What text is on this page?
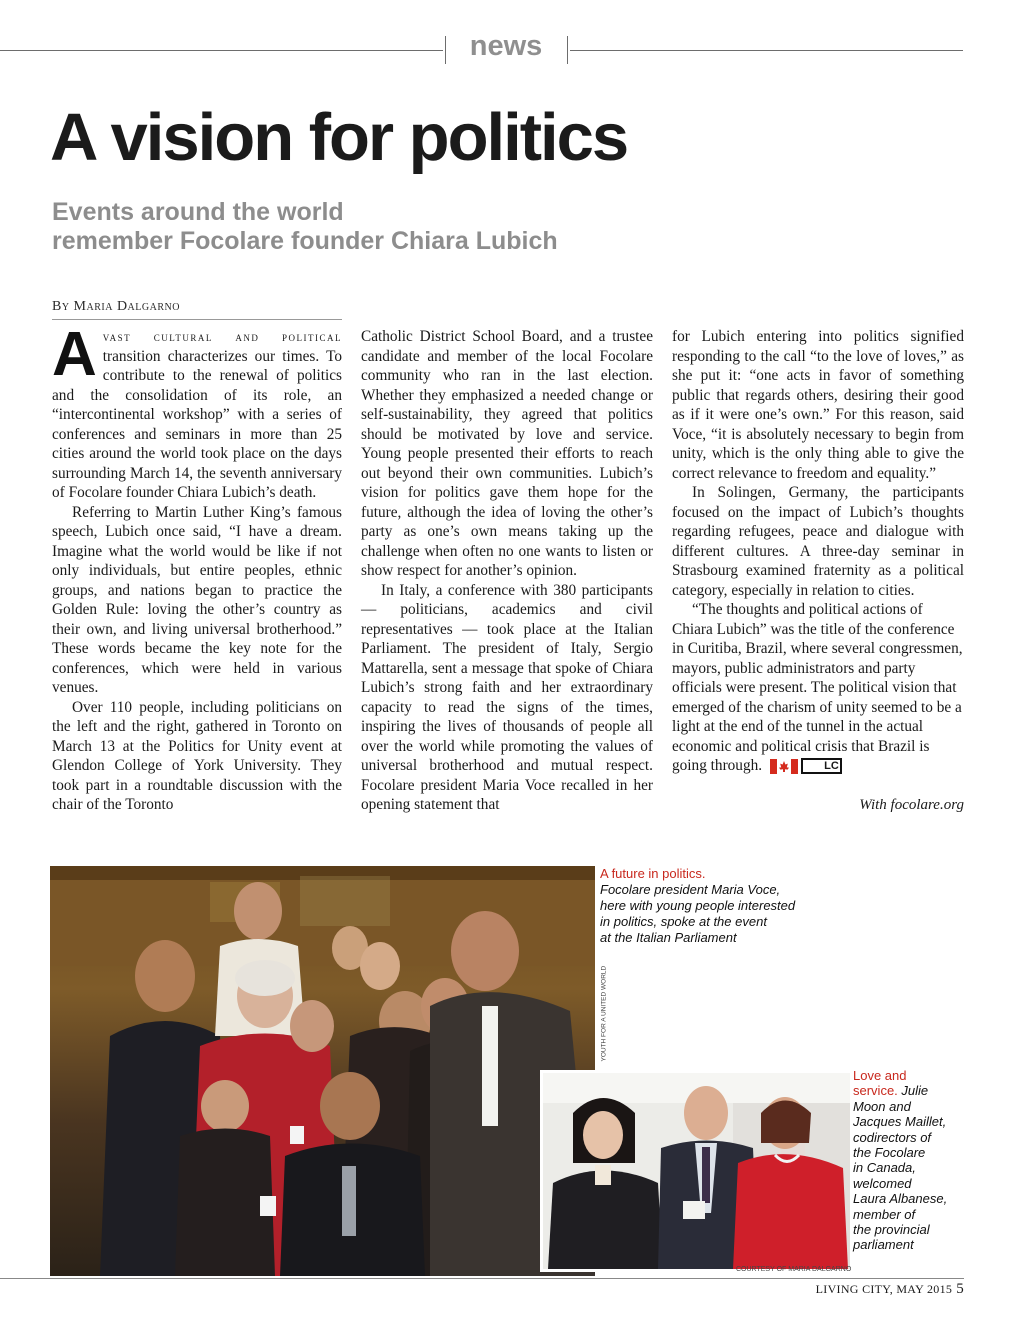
news
A vision for politics
Events around the world
remember Focolare founder Chiara Lubich
By Maria Dalgarno

Avast cultural and political transition characterizes our times. To contribute to the renewal of politics and the consolidation of its role, an “intercontinental workshop” with a series of conferences and seminars in more than 25 cities around the world took place on the days surrounding March 14, the seventh anniversary of Focolare founder Chiara Lubich’s death.

Referring to Martin Luther King’s famous speech, Lubich once said, “I have a dream. Imagine what the world would be like if not only individuals, but entire peoples, ethnic groups, and nations began to practice the Golden Rule: loving the other’s country as their own, and living universal brotherhood.” These words became the key note for the conferences, which were held in various venues.

Over 110 people, including politicians on the left and the right, gathered in Toronto on March 13 at the Politics for Unity event at Glendon College of York University. They took part in a roundtable discussion with the chair of the Toronto

Catholic District School Board, and a trustee candidate and member of the local Focolare community who ran in the last election. Whether they emphasized a needed change or self-sustainability, they agreed that politics should be motivated by love and service. Young people presented their efforts to reach out beyond their own communities. Lubich’s vision for politics gave them hope for the future, although the idea of loving the other’s party as one’s own means taking up the challenge when often no one wants to listen or show respect for another’s opinion.

In Italy, a conference with 380 participants — politicians, academics and civil representatives — took place at the Italian Parliament. The president of Italy, Sergio Mattarella, sent a message that spoke of Chiara Lubich’s strong faith and her extraordinary capacity to read the signs of the times, inspiring the lives of thousands of people all over the world while promoting the values of universal brotherhood and mutual respect. Focolare president Maria Voce recalled in her opening statement that

for Lubich entering into politics signified responding to the call “to the love of loves,” as she put it: “one acts in favor of something public that regards others, desiring their good as if it were one’s own.” For this reason, said Voce, “it is absolutely necessary to begin from unity, which is the only thing able to give the correct relevance to freedom and equality.”

In Solingen, Germany, the participants focused on the impact of Lubich’s thoughts regarding refugees, peace and dialogue with different cultures. A three-day seminar in Strasbourg examined fraternity as a political category, especially in relation to cities.

“The thoughts and political actions of Chiara Lubich” was the title of the conference in Curitiba, Brazil, where several congressmen, mayors, public administrators and party officials were present. The political vision that emerged of the charism of unity seemed to be a light at the end of the tunnel in the actual economic and political crisis that Brazil is going through.	LC

With focolare.org
YOUTH FOR A UNITED WORLD
A future in politics.
Focolare president Maria Voce,
here with young people interested
in politics, spoke at the event
at the Italian Parliament
Love and
service. Julie
Moon and
Jacques Maillet,
codirectors of
the Focolare
in Canada,
welcomed
Laura Albanese,
member of
the provincial
parliament
COURTESY OF MARIA DALGARNO
LIVING CITY, MAY 2015 5
